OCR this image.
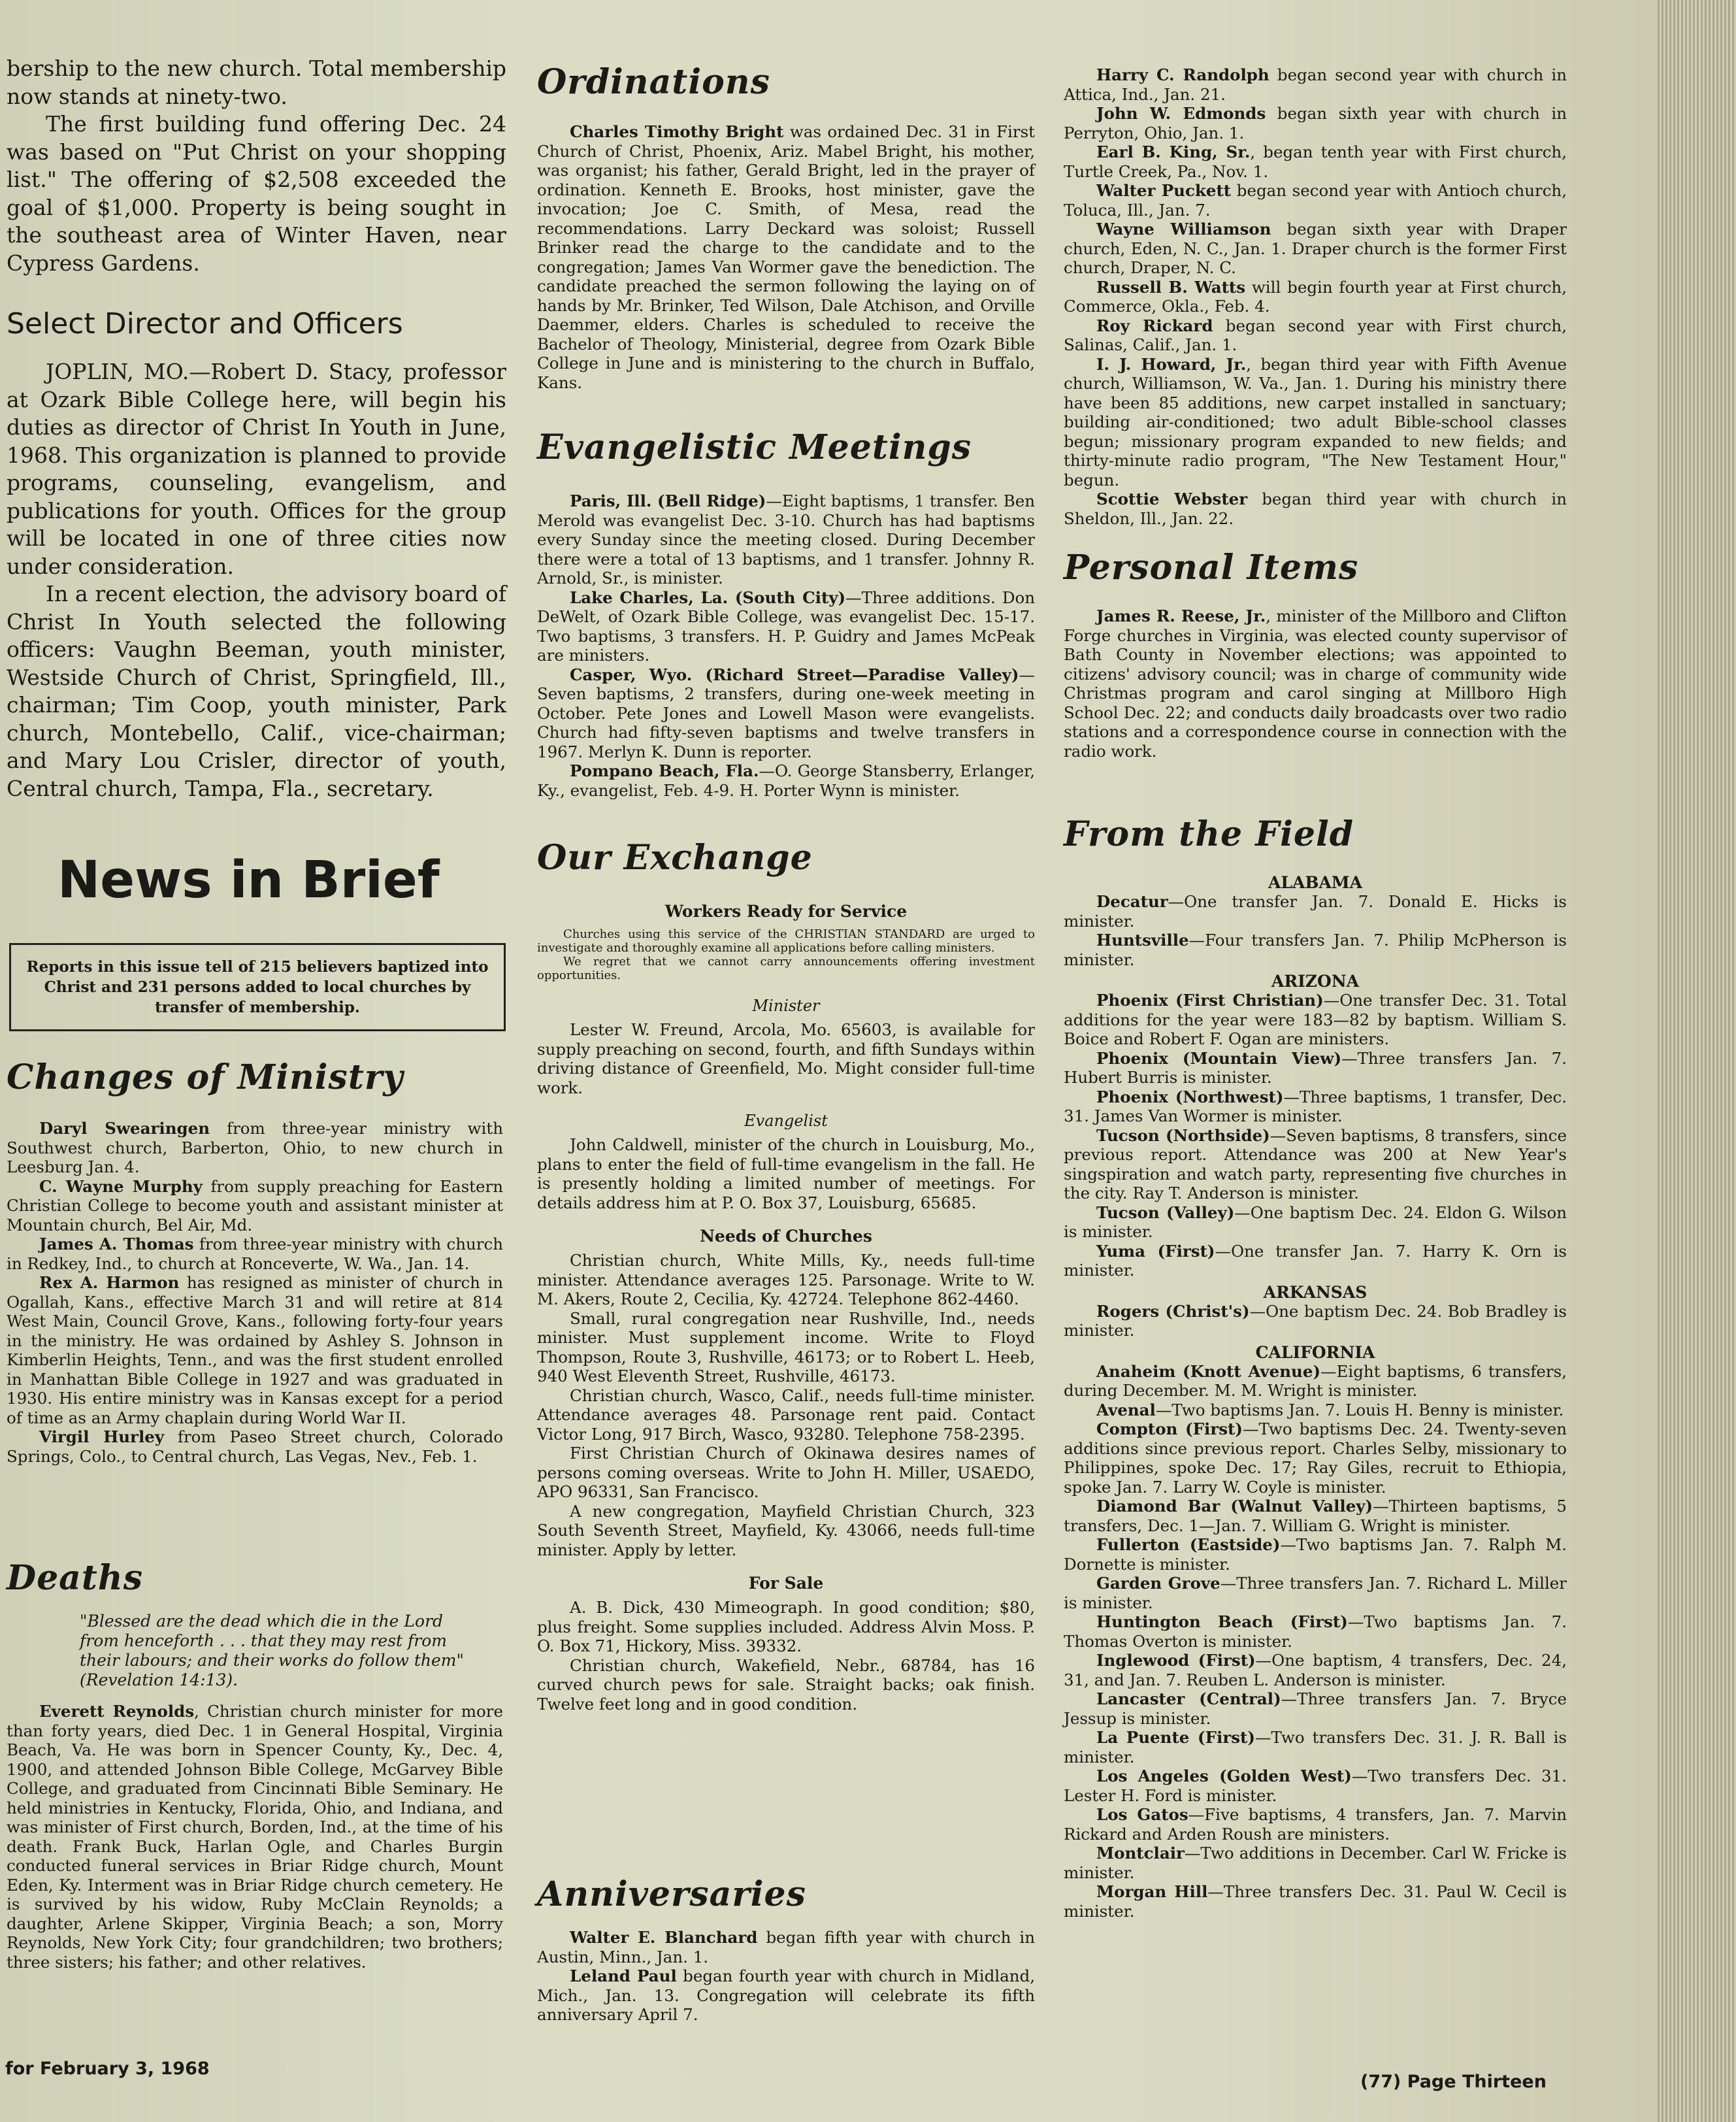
bership to the new church. Total membership now stands at ninety-two.

The first building fund offering Dec. 24 was based on "Put Christ on your shopping list." The offering of $2,508 exceeded the goal of $1,000. Property is being sought in the southeast area of Winter Haven, near Cypress Gardens.

Select Director and Officers

JOPLIN, MO.—Robert D. Stacy, professor at Ozark Bible College here, will begin his duties as director of Christ In Youth in June, 1968. This organization is planned to provide programs, counseling, evangelism, and publications for youth. Offices for the group will be located in one of three cities now under consideration.

In a recent election, the advisory board of Christ In Youth selected the following officers: Vaughn Beeman, youth minister, Westside Church of Christ, Springfield, Ill., chairman; Tim Coop, youth minister, Park church, Montebello, Calif., vice-chairman; and Mary Lou Crisler, director of youth, Central church, Tampa, Fla., secretary.

News in Brief
Reports in this issue tell of 215 believers baptized into Christ and 231 persons added to local churches by transfer of membership.
Changes of Ministry

Daryl Swearingen from three-year ministry with Southwest church, Barberton, Ohio, to new church in Leesburg Jan. 4.

C. Wayne Murphy from supply preaching for Eastern Christian College to become youth and assistant minister at Mountain church, Bel Air, Md.

James A. Thomas from three-year ministry with church in Redkey, Ind., to church at Ronceverte, W. Wa., Jan. 14.

Rex A. Harmon has resigned as minister of church in Ogallah, Kans., effective March 31 and will retire at 814 West Main, Council Grove, Kans., following forty-four years in the ministry. He was ordained by Ashley S. Johnson in Kimberlin Heights, Tenn., and was the first student enrolled in Manhattan Bible College in 1927 and was graduated in 1930. His entire ministry was in Kansas except for a period of time as an Army chaplain during World War II.

Virgil Hurley from Paseo Street church, Colorado Springs, Colo., to Central church, Las Vegas, Nev., Feb. 1.

Deaths

"Blessed are the dead which die in the Lord from henceforth . . . that they may rest from their labours; and their works do follow them" (Revelation 14:13).

Everett Reynolds, Christian church minister for more than forty years, died Dec. 1 in General Hospital, Virginia Beach, Va. He was born in Spencer County, Ky., Dec. 4, 1900, and attended Johnson Bible College, McGarvey Bible College, and graduated from Cincinnati Bible Seminary. He held ministries in Kentucky, Florida, Ohio, and Indiana, and was minister of First church, Borden, Ind., at the time of his death. Frank Buck, Harlan Ogle, and Charles Burgin conducted funeral services in Briar Ridge church, Mount Eden, Ky. Interment was in Briar Ridge church cemetery. He is survived by his widow, Ruby McClain Reynolds; a daughter, Arlene Skipper, Virginia Beach; a son, Morry Reynolds, New York City; four grandchildren; two brothers; three sisters; his father; and other relatives.

Ordinations

Charles Timothy Bright was ordained Dec. 31 in First Church of Christ, Phoenix, Ariz. Mabel Bright, his mother, was organist; his father, Gerald Bright, led in the prayer of ordination. Kenneth E. Brooks, host minister, gave the invocation; Joe C. Smith, of Mesa, read the recommendations. Larry Deckard was soloist; Russell Brinker read the charge to the candidate and to the congregation; James Van Wormer gave the benediction. The candidate preached the sermon following the laying on of hands by Mr. Brinker, Ted Wilson, Dale Atchison, and Orville Daemmer, elders. Charles is scheduled to receive the Bachelor of Theology, Ministerial, degree from Ozark Bible College in June and is ministering to the church in Buffalo, Kans.

Evangelistic Meetings

Paris, Ill. (Bell Ridge)—Eight baptisms, 1 transfer. Ben Merold was evangelist Dec. 3-10. Church has had baptisms every Sunday since the meeting closed. During December there were a total of 13 baptisms, and 1 transfer. Johnny R. Arnold, Sr., is minister.

Lake Charles, La. (South City)—Three additions. Don DeWelt, of Ozark Bible College, was evangelist Dec. 15-17. Two baptisms, 3 transfers. H. P. Guidry and James McPeak are ministers.

Casper, Wyo. (Richard Street—Paradise Valley)—Seven baptisms, 2 transfers, during one-week meeting in October. Pete Jones and Lowell Mason were evangelists. Church had fifty-seven baptisms and twelve transfers in 1967. Merlyn K. Dunn is reporter.

Pompano Beach, Fla.—O. George Stansberry, Erlanger, Ky., evangelist, Feb. 4-9. H. Porter Wynn is minister.

Our Exchange

Workers Ready for Service

Churches using this service of the CHRISTIAN STANDARD are urged to investigate and thoroughly examine all applications before calling ministers.

We regret that we cannot carry announcements offering investment opportunities.

Minister

Lester W. Freund, Arcola, Mo. 65603, is available for supply preaching on second, fourth, and fifth Sundays within driving distance of Greenfield, Mo. Might consider full-time work.

Evangelist

John Caldwell, minister of the church in Louisburg, Mo., plans to enter the field of full-time evangelism in the fall. He is presently holding a limited number of meetings. For details address him at P. O. Box 37, Louisburg, 65685.

Needs of Churches

Christian church, White Mills, Ky., needs full-time minister. Attendance averages 125. Parsonage. Write to W. M. Akers, Route 2, Cecilia, Ky. 42724. Telephone 862-4460.

Small, rural congregation near Rushville, Ind., needs minister. Must supplement income. Write to Floyd Thompson, Route 3, Rushville, 46173; or to Robert L. Heeb, 940 West Eleventh Street, Rushville, 46173.

Christian church, Wasco, Calif., needs full-time minister. Attendance averages 48. Parsonage rent paid. Contact Victor Long, 917 Birch, Wasco, 93280. Telephone 758-2395.

First Christian Church of Okinawa desires names of persons coming overseas. Write to John H. Miller, USAEDO, APO 96331, San Francisco.

A new congregation, Mayfield Christian Church, 323 South Seventh Street, Mayfield, Ky. 43066, needs full-time minister. Apply by letter.

For Sale

A. B. Dick, 430 Mimeograph. In good condition; $80, plus freight. Some supplies included. Address Alvin Moss. P. O. Box 71, Hickory, Miss. 39332.

Christian church, Wakefield, Nebr., 68784, has 16 curved church pews for sale. Straight backs; oak finish. Twelve feet long and in good condition.

Anniversaries

Walter E. Blanchard began fifth year with church in Austin, Minn., Jan. 1.

Leland Paul began fourth year with church in Midland, Mich., Jan. 13. Congregation will celebrate its fifth anniversary April 7.

Harry C. Randolph began second year with church in Attica, Ind., Jan. 21.

John W. Edmonds began sixth year with church in Perryton, Ohio, Jan. 1.

Earl B. King, Sr., began tenth year with First church, Turtle Creek, Pa., Nov. 1.

Walter Puckett began second year with Antioch church, Toluca, Ill., Jan. 7.

Wayne Williamson began sixth year with Draper church, Eden, N. C., Jan. 1. Draper church is the former First church, Draper, N. C.

Russell B. Watts will begin fourth year at First church, Commerce, Okla., Feb. 4.

Roy Rickard began second year with First church, Salinas, Calif., Jan. 1.

I. J. Howard, Jr., began third year with Fifth Avenue church, Williamson, W. Va., Jan. 1. During his ministry there have been 85 additions, new carpet installed in sanctuary; building air-conditioned; two adult Bible-school classes begun; missionary program expanded to new fields; and thirty-minute radio program, "The New Testament Hour," begun.

Scottie Webster began third year with church in Sheldon, Ill., Jan. 22.

Personal Items

James R. Reese, Jr., minister of the Millboro and Clifton Forge churches in Virginia, was elected county supervisor of Bath County in November elections; was appointed to citizens' advisory council; was in charge of community wide Christmas program and carol singing at Millboro High School Dec. 22; and conducts daily broadcasts over two radio stations and a correspondence course in connection with the radio work.

From the Field

ALABAMA

Decatur—One transfer Jan. 7. Donald E. Hicks is minister.

Huntsville—Four transfers Jan. 7. Philip McPherson is minister.

ARIZONA

Phoenix (First Christian)—One transfer Dec. 31. Total additions for the year were 183—82 by baptism. William S. Boice and Robert F. Ogan are ministers.

Phoenix (Mountain View)—Three transfers Jan. 7. Hubert Burris is minister.

Phoenix (Northwest)—Three baptisms, 1 transfer, Dec. 31. James Van Wormer is minister.

Tucson (Northside)—Seven baptisms, 8 transfers, since previous report. Attendance was 200 at New Year's singspiration and watch party, representing five churches in the city. Ray T. Anderson is minister.

Tucson (Valley)—One baptism Dec. 24. Eldon G. Wilson is minister.

Yuma (First)—One transfer Jan. 7. Harry K. Orn is minister.

ARKANSAS

Rogers (Christ's)—One baptism Dec. 24. Bob Bradley is minister.

CALIFORNIA

Anaheim (Knott Avenue)—Eight baptisms, 6 transfers, during December. M. M. Wright is minister.

Avenal—Two baptisms Jan. 7. Louis H. Benny is minister.

Compton (First)—Two baptisms Dec. 24. Twenty-seven additions since previous report. Charles Selby, missionary to Philippines, spoke Dec. 17; Ray Giles, recruit to Ethiopia, spoke Jan. 7. Larry W. Coyle is minister.

Diamond Bar (Walnut Valley)—Thirteen baptisms, 5 transfers, Dec. 1—Jan. 7. William G. Wright is minister.

Fullerton (Eastside)—Two baptisms Jan. 7. Ralph M. Dornette is minister.

Garden Grove—Three transfers Jan. 7. Richard L. Miller is minister.

Huntington Beach (First)—Two baptisms Jan. 7. Thomas Overton is minister.

Inglewood (First)—One baptism, 4 transfers, Dec. 24, 31, and Jan. 7. Reuben L. Anderson is minister.

Lancaster (Central)—Three transfers Jan. 7. Bryce Jessup is minister.

La Puente (First)—Two transfers Dec. 31. J. R. Ball is minister.

Los Angeles (Golden West)—Two transfers Dec. 31. Lester H. Ford is minister.

Los Gatos—Five baptisms, 4 transfers, Jan. 7. Marvin Rickard and Arden Roush are ministers.

Montclair—Two additions in December. Carl W. Fricke is minister.

Morgan Hill—Three transfers Dec. 31. Paul W. Cecil is minister.

for February 3, 1968
(77) Page Thirteen
